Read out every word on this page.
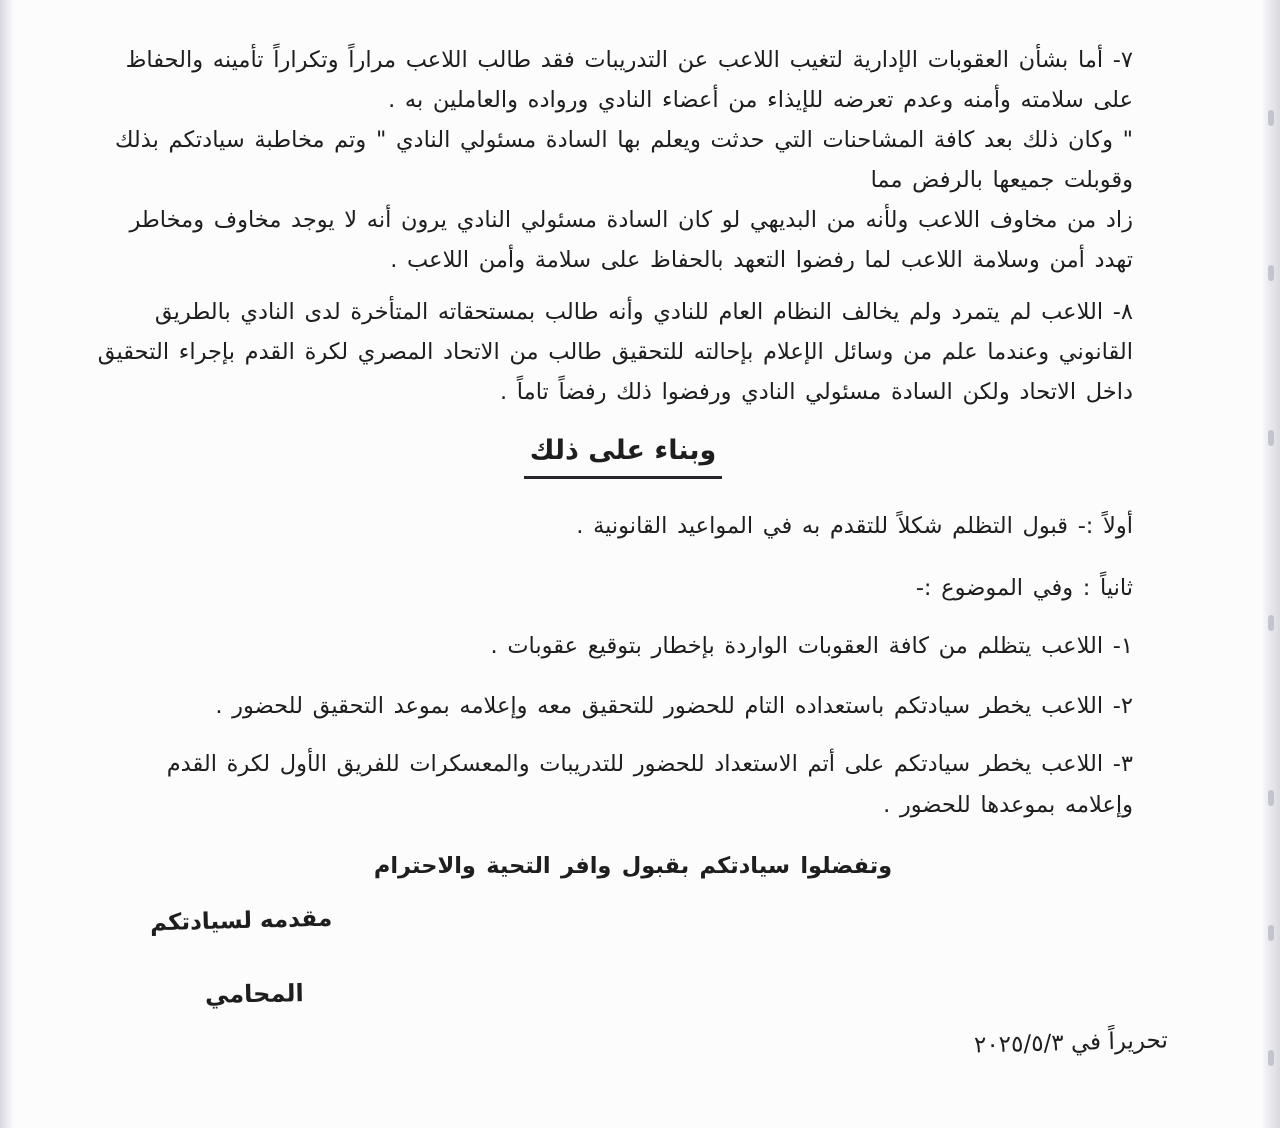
٧- أما بشأن العقوبات الإدارية لتغيب اللاعب عن التدريبات فقد طالب اللاعب مراراً وتكراراً تأمينه والحفاظ
على سلامته وأمنه وعدم تعرضه للإيذاء من أعضاء النادي ورواده والعاملين به .
" وكان ذلك بعد كافة المشاحنات التي حدثت ويعلم بها السادة مسئولي النادي " وتم مخاطبة سيادتكم بذلك
وقوبلت جميعها بالرفض مما
زاد من مخاوف اللاعب ولأنه من البديهي لو كان السادة مسئولي النادي يرون أنه لا يوجد مخاوف ومخاطر
تهدد أمن وسلامة اللاعب لما رفضوا التعهد بالحفاظ على سلامة وأمن اللاعب .
٨- اللاعب لم يتمرد ولم يخالف النظام العام للنادي وأنه طالب بمستحقاته المتأخرة لدى النادي بالطريق
القانوني وعندما علم من وسائل الإعلام بإحالته للتحقيق طالب من الاتحاد المصري لكرة القدم بإجراء التحقيق
داخل الاتحاد ولكن السادة مسئولي النادي ورفضوا ذلك رفضاً تاماً .
وبناء على ذلك
أولاً :- قبول التظلم شكلاً للتقدم به في المواعيد القانونية .
ثانياً : وفي الموضوع :-
١- اللاعب يتظلم من كافة العقوبات الواردة بإخطار بتوقيع عقوبات .
٢- اللاعب يخطر سيادتكم باستعداده التام للحضور للتحقيق معه وإعلامه بموعد التحقيق للحضور .
٣- اللاعب يخطر سيادتكم على أتم الاستعداد للحضور للتدريبات والمعسكرات للفريق الأول لكرة القدم
وإعلامه بموعدها للحضور .
وتفضلوا سيادتكم بقبول وافر التحية والاحترام
مقدمه لسيادتكم
المحامي
تحريراً في ٢٠٢٥/٥/٣
